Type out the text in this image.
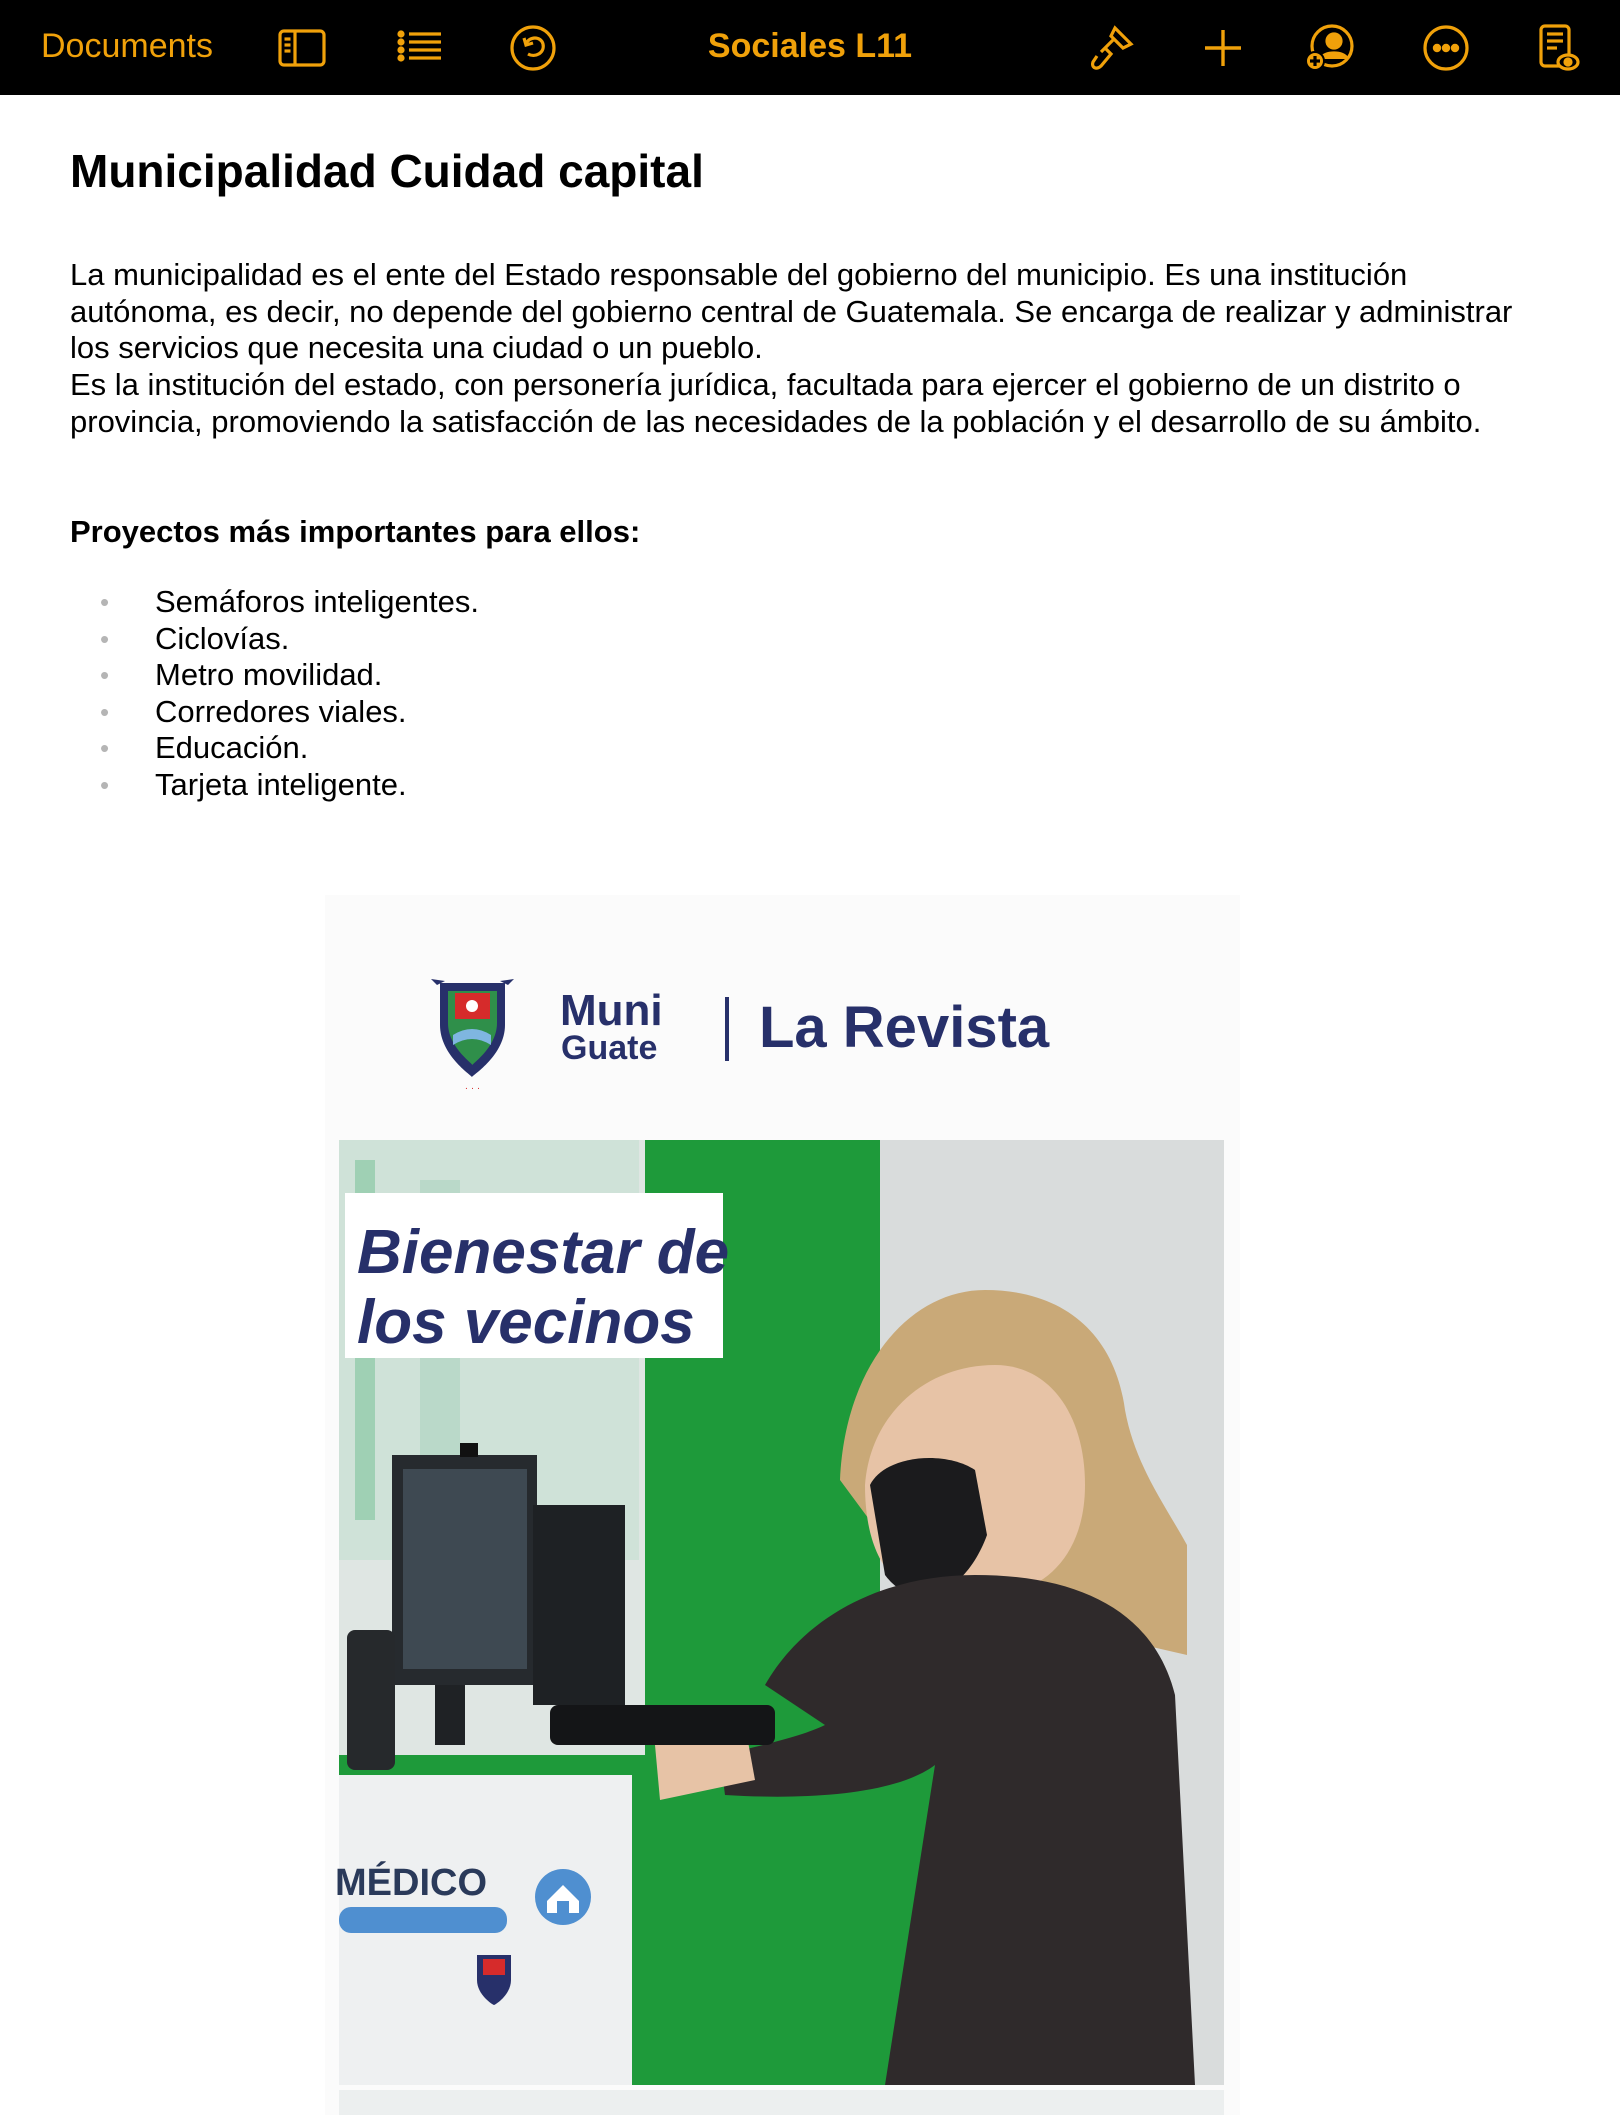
Documents	Sociales L11
Municipalidad Cuidad capital

La municipalidad es el ente del Estado responsable del gobierno del municipio. Es una institución autónoma, es decir, no depende del gobierno central de Guatemala. Se encarga de realizar y administrar los servicios que necesita una ciudad o un pueblo.

Es la institución del estado, con personería jurídica, facultada para ejercer el gobierno de un distrito o provincia, promoviendo la satisfacción de las necesidades de la población y el desarrollo de su ámbito.

Proyectos más importantes para ellos:

• Semáforos inteligentes.
• Ciclovías.
• Metro movilidad.
• Corredores viales.
• Educación.
• Tarjeta inteligente.
· · ·
Muni
Guate La Revista
MÉDICO
Bienestar de
los vecinos
